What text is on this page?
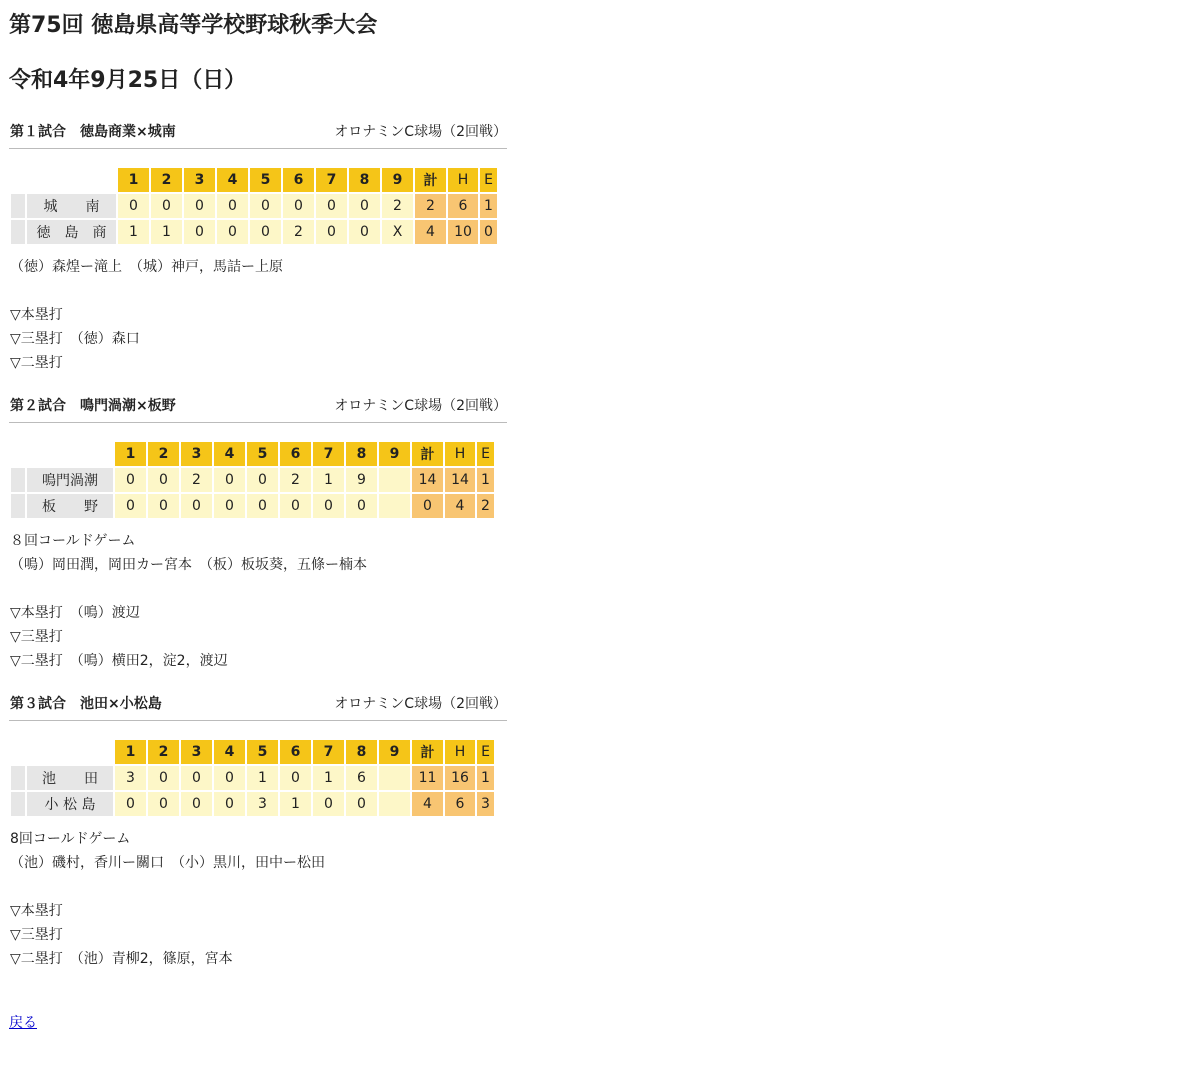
第75回 徳島県高等学校野球秋季大会
令和4年9月25日（日）
第１試合　徳島商業×城南	オロナミンC球場（2回戦）
		1	2	3	4	5	6	7	8	9	計	H	E
	城　　南	0	0	0	0	0	0	0	0	2	2	6	1
	徳　島　商	1	1	0	0	0	2	0	0	X	4	10	0
（徳）森煌ー滝上　（城）神戸，馬詰ー上原
▽本塁打
▽三塁打　（徳）森口
▽二塁打
第２試合　鳴門渦潮×板野	オロナミンC球場（2回戦）
		1	2	3	4	5	6	7	8	9	計	H	E
	鳴門渦潮	0	0	2	0	0	2	1	9		14	14	1
	板　　野	0	0	0	0	0	0	0	0		0	4	2
８回コールドゲーム
（鳴）岡田潤，岡田カー宮本　（板）板坂葵，五條ー楠本
▽本塁打　（鳴）渡辺
▽三塁打
▽二塁打　（鳴）横田2，淀2，渡辺
第３試合　池田×小松島	オロナミンC球場（2回戦）
		1	2	3	4	5	6	7	8	9	計	H	E
	池　　田	3	0	0	0	1	0	1	6		11	16	1
	小 松 島	0	0	0	0	3	1	0	0		4	6	3
8回コールドゲーム
（池）磯村，香川ー關口　（小）黒川，田中ー松田
▽本塁打
▽三塁打
▽二塁打　（池）青柳2，篠原，宮本
戻る
